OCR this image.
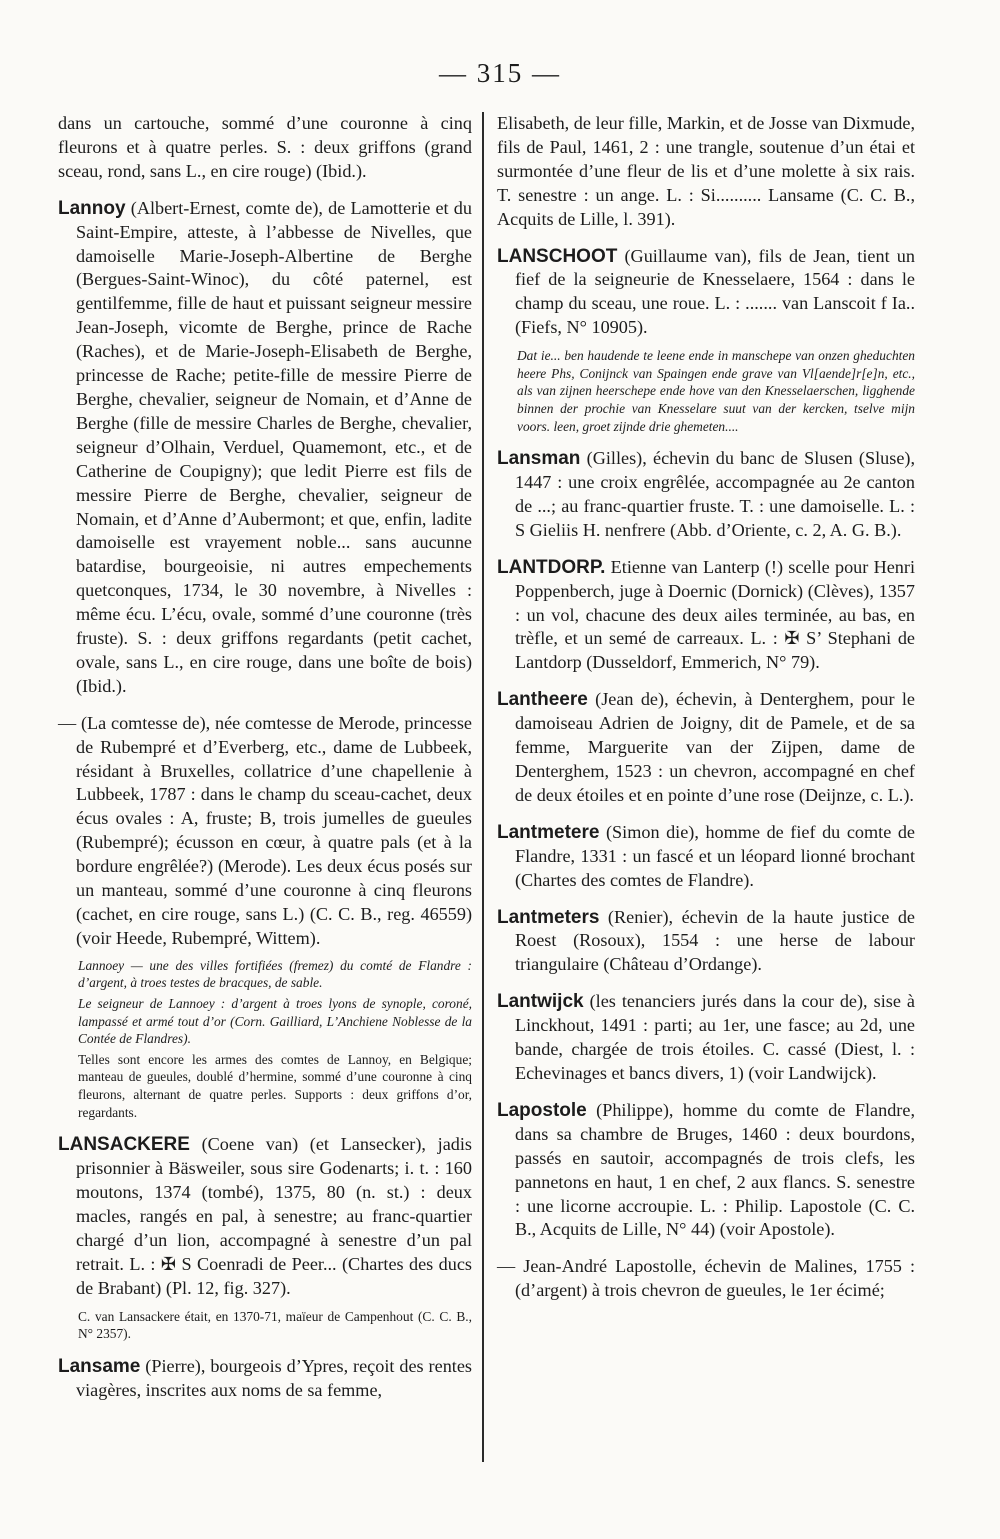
— 315 —

dans un cartouche, sommé d’une couronne à cinq fleurons et à quatre perles. S. : deux griffons (grand sceau, rond, sans L., en cire rouge) (Ibid.).

Lannoy (Albert-Ernest, comte de), de Lamotterie et du Saint-Empire, atteste, à l’abbesse de Nivelles, que damoiselle Marie-Joseph-Albertine de Berghe (Bergues-Saint-Winoc), du côté paternel, est gentilfemme, fille de haut et puissant seigneur messire Jean-Joseph, vicomte de Berghe, prince de Rache (Raches), et de Marie-Joseph-Elisabeth de Berghe, princesse de Rache; petite-fille de messire Pierre de Berghe, chevalier, seigneur de Nomain, et d’Anne de Berghe (fille de messire Charles de Berghe, chevalier, seigneur d’Olhain, Verduel, Quamemont, etc., et de Catherine de Coupigny); que ledit Pierre est fils de messire Pierre de Berghe, chevalier, seigneur de Nomain, et d’Anne d’Aubermont; et que, enfin, ladite damoiselle est vrayement noble... sans aucunne batardise, bourgeoisie, ni autres empechements quetconques, 1734, le 30 novembre, à Nivelles : même écu. L’écu, ovale, sommé d’une couronne (très fruste). S. : deux griffons regardants (petit cachet, ovale, sans L., en cire rouge, dans une boîte de bois) (Ibid.).

— (La comtesse de), née comtesse de Merode, princesse de Rubempré et d’Everberg, etc., dame de Lubbeek, résidant à Bruxelles, collatrice d’une chapellenie à Lubbeek, 1787 : dans le champ du sceau-cachet, deux écus ovales : A, fruste; B, trois jumelles de gueules (Rubempré); écusson en cœur, à quatre pals (et à la bordure engrêlée?) (Merode). Les deux écus posés sur un manteau, sommé d’une couronne à cinq fleurons (cachet, en cire rouge, sans L.) (C. C. B., reg. 46559) (voir Heede, Rubempré, Wittem).

Lannoey — une des villes fortifiées (fremez) du comté de Flandre : d’argent, à troes testes de bracques, de sable.

Le seigneur de Lannoey : d’argent à troes lyons de synople, coroné, lampassé et armé tout d’or (Corn. Gailliard, L’Anchiene Noblesse de la Contée de Flandres).

Telles sont encore les armes des comtes de Lannoy, en Belgique; manteau de gueules, doublé d’hermine, sommé d’une couronne à cinq fleurons, alternant de quatre perles. Supports : deux griffons d’or, regardants.

LANSACKERE (Coene van) (et Lansecker), jadis prisonnier à Bäsweiler, sous sire Godenarts; i. t. : 160 moutons, 1374 (tombé), 1375, 80 (n. st.) : deux macles, rangés en pal, à senestre; au franc-quartier chargé d’un lion, accompagné à senestre d’un pal retrait. L. : ✠ S Coenradi de Peer... (Chartes des ducs de Brabant) (Pl. 12, fig. 327).

C. van Lansackere était, en 1370-71, maïeur de Campenhout (C. C. B., N° 2357).

Lansame (Pierre), bourgeois d’Ypres, reçoit des rentes viagères, inscrites aux noms de sa femme,

Elisabeth, de leur fille, Markin, et de Josse van Dixmude, fils de Paul, 1461, 2 : une trangle, soutenue d’un étai et surmontée d’une fleur de lis et d’une molette à six rais. T. senestre : un ange. L. : Si.......... Lansame (C. C. B., Acquits de Lille, l. 391).

LANSCHOOT (Guillaume van), fils de Jean, tient un fief de la seigneurie de Knesselaere, 1564 : dans le champ du sceau, une roue. L. : ....... van Lanscoit f Ia.. (Fiefs, N° 10905).

Dat ie... ben haudende te leene ende in manschepe van onzen gheduchten heere Phs, Conijnck van Spaingen ende grave van Vl[aende]r[e]n, etc., als van zijnen heerschepe ende hove van den Knesselaerschen, ligghende binnen der prochie van Knesselare suut van der kercken, tselve mijn voors. leen, groet zijnde drie ghemeten....

Lansman (Gilles), échevin du banc de Slusen (Sluse), 1447 : une croix engrêlée, accompagnée au 2e canton de ...; au franc-quartier fruste. T. : une damoiselle. L. : S Gieliis H. nenfrere (Abb. d’Oriente, c. 2, A. G. B.).

LANTDORP. Etienne van Lanterp (!) scelle pour Henri Poppenberch, juge à Doernic (Dornick) (Clèves), 1357 : un vol, chacune des deux ailes terminée, au bas, en trèfle, et un semé de carreaux. L. : ✠ S’ Stephani de Lantdorp (Dusseldorf, Emmerich, N° 79).

Lantheere (Jean de), échevin, à Denterghem, pour le damoiseau Adrien de Joigny, dit de Pamele, et de sa femme, Marguerite van der Zijpen, dame de Denterghem, 1523 : un chevron, accompagné en chef de deux étoiles et en pointe d’une rose (Deijnze, c. L.).

Lantmetere (Simon die), homme de fief du comte de Flandre, 1331 : un fascé et un léopard lionné brochant (Chartes des comtes de Flandre).

Lantmeters (Renier), échevin de la haute justice de Roest (Rosoux), 1554 : une herse de labour triangulaire (Château d’Ordange).

Lantwijck (les tenanciers jurés dans la cour de), sise à Linckhout, 1491 : parti; au 1er, une fasce; au 2d, une bande, chargée de trois étoiles. C. cassé (Diest, l. : Echevinages et bancs divers, 1) (voir Landwijck).

Lapostole (Philippe), homme du comte de Flandre, dans sa chambre de Bruges, 1460 : deux bourdons, passés en sautoir, accompagnés de trois clefs, les pannetons en haut, 1 en chef, 2 aux flancs. S. senestre : une licorne accroupie. L. : Philip. Lapostole (C. C. B., Acquits de Lille, N° 44) (voir Apostole).

— Jean-André Lapostolle, échevin de Malines, 1755 : (d’argent) à trois chevron de gueules, le 1er écimé;
